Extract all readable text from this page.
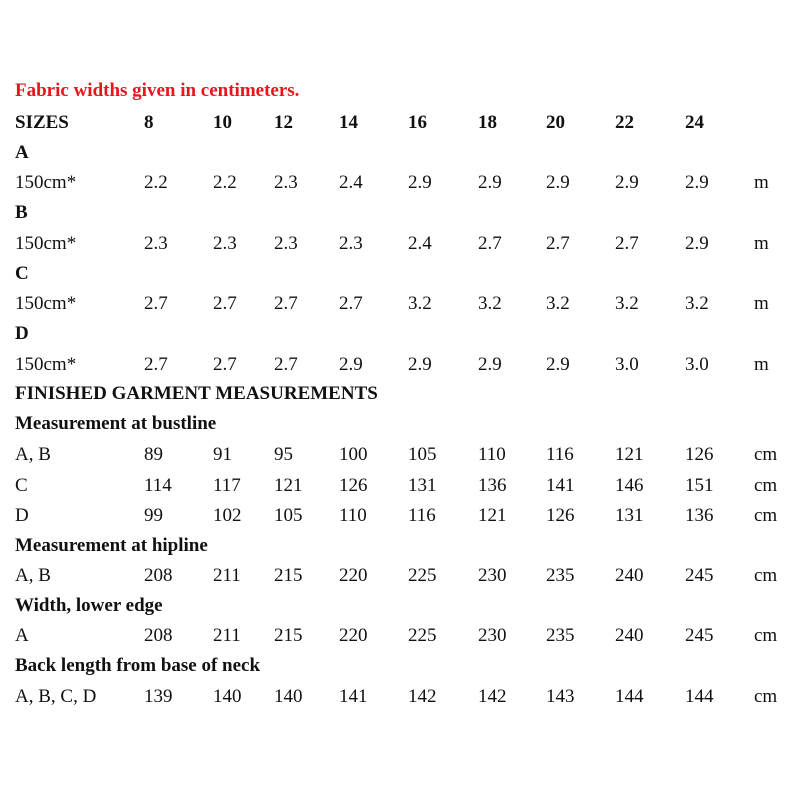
Fabric widths given in centimeters.
SIZES	8	10 12 14	16	18	20	22	24
A
150cm*	2.2 2.2 2.3 2.4 2.9 2.9 2.9 2.9 2.9 m
B
150cm*	2.3 2.3 2.3 2.3 2.4 2.7 2.7 2.7 2.9 m
C
150cm*	2.7 2.7 2.7 2.7 3.2 3.2 3.2 3.2 3.2 m
D
150cm*	2.7 2.7 2.7 2.9 2.9 2.9 2.9 3.0 3.0 m
FINISHED GARMENT MEASUREMENTS
Measurement at bustline
A, B	89	91 95 100 105 110 116 121 126 cm
C	114 117 121 126 131 136 141 146 151 cm
D	99	102 105 110 116 121 126 131 136 cm
Measurement at hipline
A, B	208 211 215 220 225 230 235 240 245 cm
Width, lower edge
A	208 211 215 220 225 230 235 240 245 cm
Back length from base of neck
A, B, C, D	139 140 140 141 142 142 143 144 144 cm
